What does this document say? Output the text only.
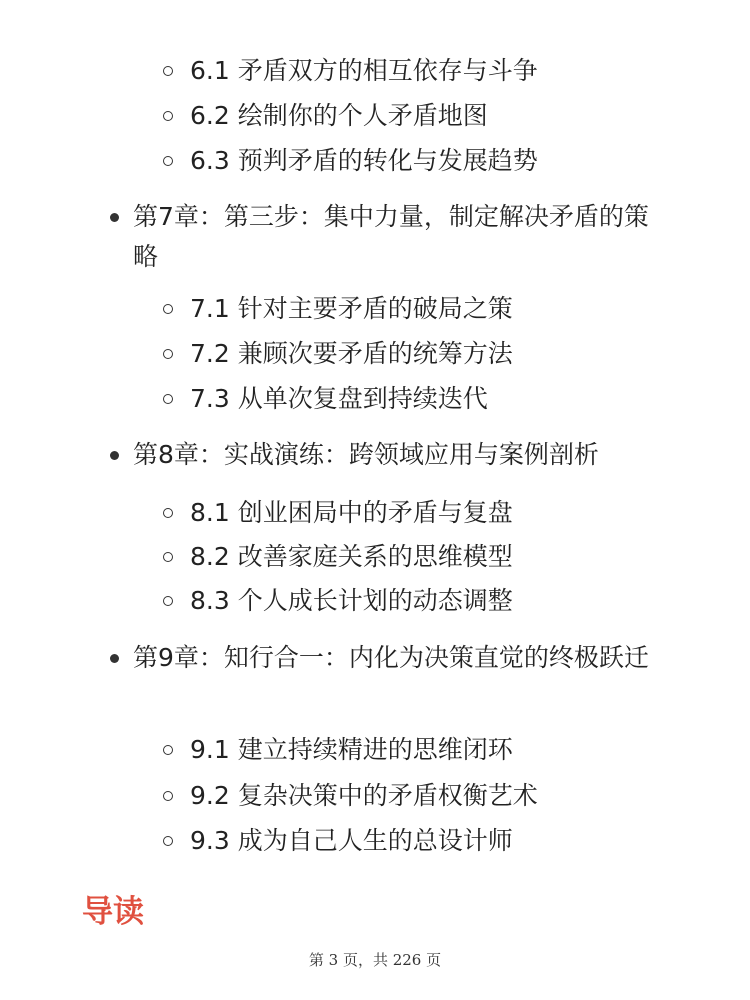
6.1 矛盾双方的相互依存与斗争
6.2 绘制你的个人矛盾地图
6.3 预判矛盾的转化与发展趋势
第7章：第三步：集中力量，制定解决矛盾的策略
7.1 针对主要矛盾的破局之策
7.2 兼顾次要矛盾的统筹方法
7.3 从单次复盘到持续迭代
第8章：实战演练：跨领域应用与案例剖析
8.1 创业困局中的矛盾与复盘
8.2 改善家庭关系的思维模型
8.3 个人成长计划的动态调整
第9章：知行合一：内化为决策直觉的终极跃迁
9.1 建立持续精进的思维闭环
9.2 复杂决策中的矛盾权衡艺术
9.3 成为自己人生的总设计师
导读
第 3 页，共 226 页
